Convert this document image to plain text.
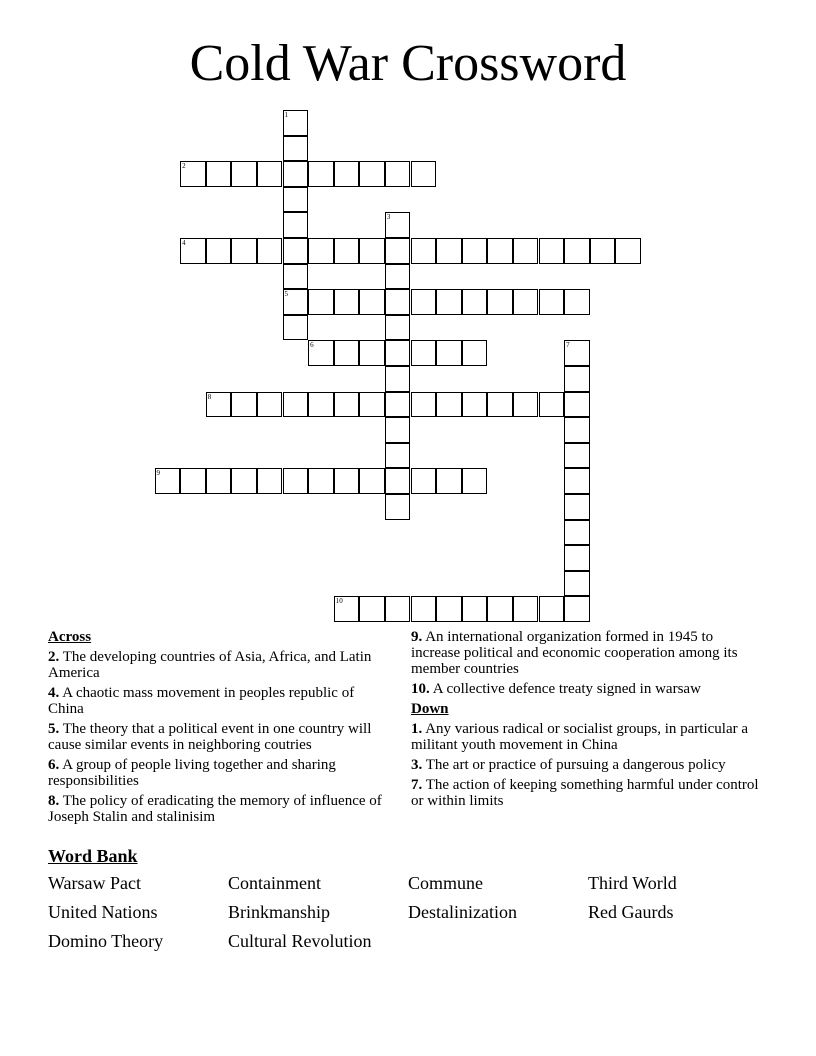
Cold War Crossword
1
5
2
3
4
6	7
8
9
10
Across
2. The developing countries of Asia, Africa, and Latin America
4. A chaotic mass movement in peoples republic of China
5. The theory that a political event in one country will cause similar events in neighboring coutries
6. A group of people living together and sharing responsibilities
8. The policy of eradicating the memory of influence of Joseph Stalin and stalinisim
9. An international organization formed in 1945 to increase political and economic cooperation among its member countries
10. A collective defence treaty signed in warsaw
Down
1. Any various radical or socialist groups, in particular a militant youth movement in China
3. The art or practice of pursuing a dangerous policy
7. The action of keeping something harmful under control or within limits
Word Bank
Warsaw Pact	Containment	Commune	Third World
United Nations	Brinkmanship	Destalinization	Red Gaurds
Domino Theory	Cultural Revolution
